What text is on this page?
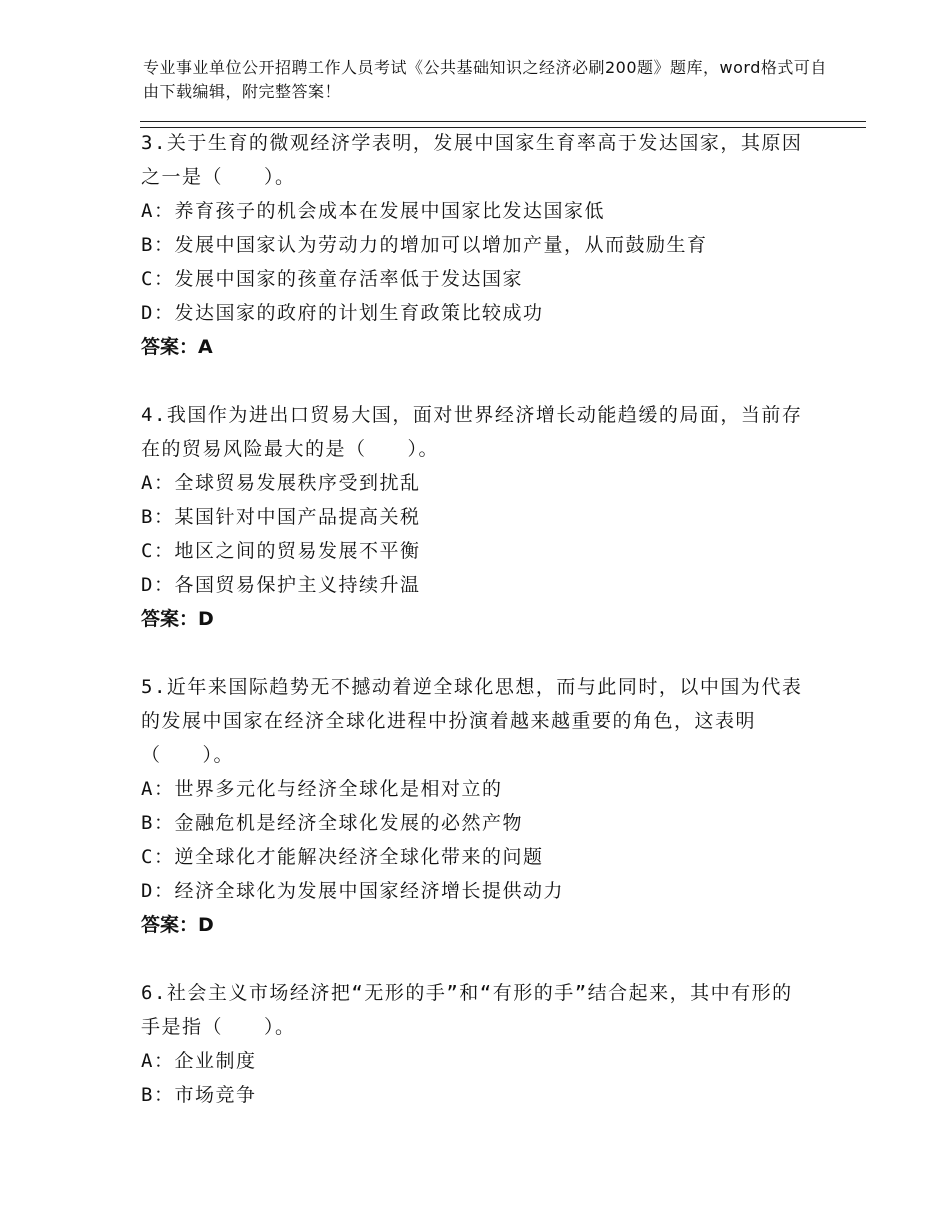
专业事业单位公开招聘工作人员考试《公共基础知识之经济必刷200题》题库，word格式可自由下载编辑，附完整答案！

3.关于生育的微观经济学表明，发展中国家生育率高于发达国家，其原因之一是（　　）。

A：养育孩子的机会成本在发展中国家比发达国家低

B：发展中国家认为劳动力的增加可以增加产量，从而鼓励生育

C：发展中国家的孩童存活率低于发达国家

D：发达国家的政府的计划生育政策比较成功

答案：A

4.我国作为进出口贸易大国，面对世界经济增长动能趋缓的局面，当前存在的贸易风险最大的是（　　）。

A：全球贸易发展秩序受到扰乱

B：某国针对中国产品提高关税

C：地区之间的贸易发展不平衡

D：各国贸易保护主义持续升温

答案：D

5.近年来国际趋势无不撼动着逆全球化思想，而与此同时，以中国为代表的发展中国家在经济全球化进程中扮演着越来越重要的角色，这表明（　　）。

A：世界多元化与经济全球化是相对立的

B：金融危机是经济全球化发展的必然产物

C：逆全球化才能解决经济全球化带来的问题

D：经济全球化为发展中国家经济增长提供动力

答案：D

6.社会主义市场经济把“无形的手”和“有形的手”结合起来，其中有形的手是指（　　）。

A：企业制度

B：市场竞争
